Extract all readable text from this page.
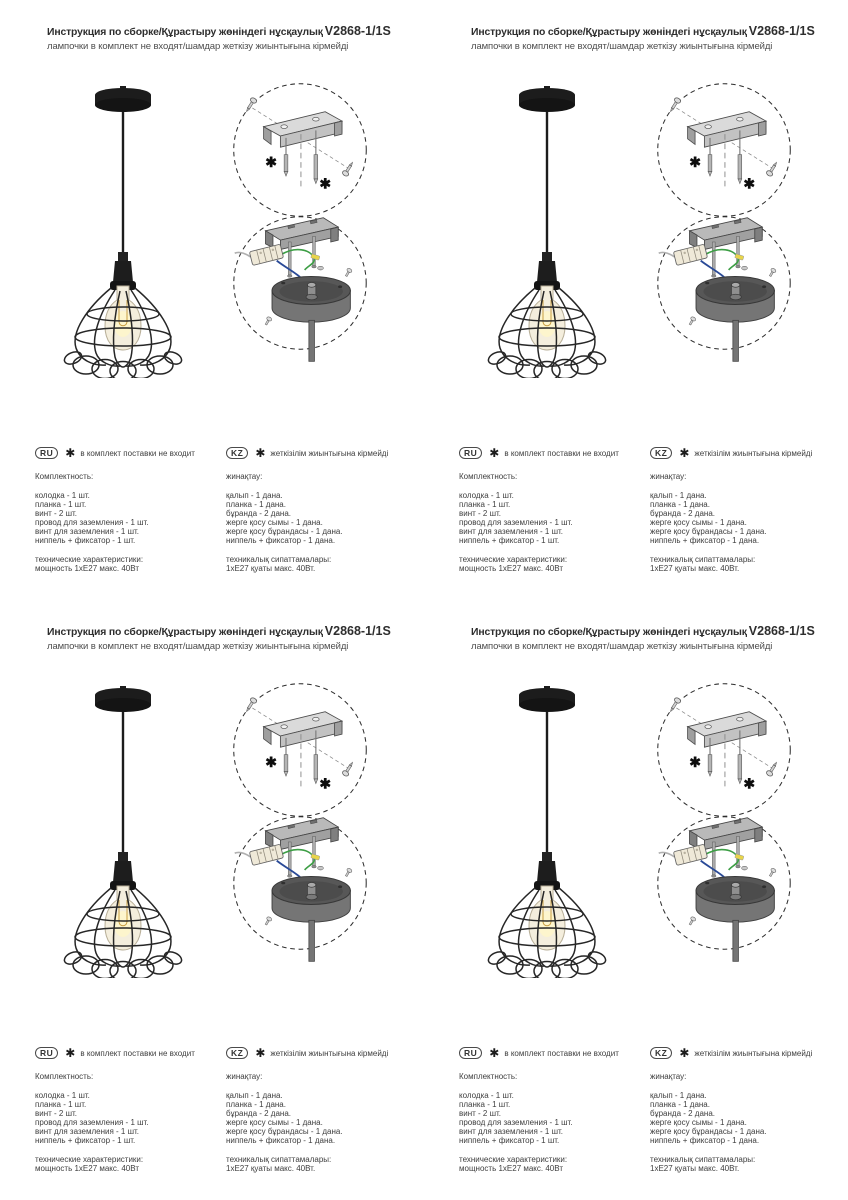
Инструкция по сборке/Құрастыру жөніндегі нұсқаулық V2868-1/1S
лампочки в комплект не входят/шамдар жеткізу жиынтығына кірмейді
✱
✱
RU	✱ в комплект поставки не входит
Комплектность:
колодка - 1 шт.
планка - 1 шт.
винт - 2 шт.
провод для заземления - 1 шт.
винт для заземления - 1 шт.
ниппель + фиксатор - 1 шт.
технические характеристики:
мощность 1хЕ27 макс. 40Вт
KZ	✱ жеткізілім жиынтығына кірмейді
жинақтау:
қалып - 1 дана.
планка - 1 дана.
бұранда - 2 дана.
жерге қосу сымы - 1 дана.
жерге қосу бұрандасы - 1 дана.
ниппель + фиксатор - 1 дана.
техникалық сипаттамалары:
1хЕ27 қуаты макс. 40Вт.
Инструкция по сборке/Құрастыру жөніндегі нұсқаулық V2868-1/1S
лампочки в комплект не входят/шамдар жеткізу жиынтығына кірмейді
✱
✱
RU	✱ в комплект поставки не входит
Комплектность:
колодка - 1 шт.
планка - 1 шт.
винт - 2 шт.
провод для заземления - 1 шт.
винт для заземления - 1 шт.
ниппель + фиксатор - 1 шт.
технические характеристики:
мощность 1хЕ27 макс. 40Вт
KZ	✱ жеткізілім жиынтығына кірмейді
жинақтау:
қалып - 1 дана.
планка - 1 дана.
бұранда - 2 дана.
жерге қосу сымы - 1 дана.
жерге қосу бұрандасы - 1 дана.
ниппель + фиксатор - 1 дана.
техникалық сипаттамалары:
1хЕ27 қуаты макс. 40Вт.
Инструкция по сборке/Құрастыру жөніндегі нұсқаулық V2868-1/1S
лампочки в комплект не входят/шамдар жеткізу жиынтығына кірмейді
✱
✱
RU	✱ в комплект поставки не входит
Комплектность:
колодка - 1 шт.
планка - 1 шт.
винт - 2 шт.
провод для заземления - 1 шт.
винт для заземления - 1 шт.
ниппель + фиксатор - 1 шт.
технические характеристики:
мощность 1хЕ27 макс. 40Вт
KZ	✱ жеткізілім жиынтығына кірмейді
жинақтау:
қалып - 1 дана.
планка - 1 дана.
бұранда - 2 дана.
жерге қосу сымы - 1 дана.
жерге қосу бұрандасы - 1 дана.
ниппель + фиксатор - 1 дана.
техникалық сипаттамалары:
1хЕ27 қуаты макс. 40Вт.
Инструкция по сборке/Құрастыру жөніндегі нұсқаулық V2868-1/1S
лампочки в комплект не входят/шамдар жеткізу жиынтығына кірмейді
✱
✱
RU	✱ в комплект поставки не входит
Комплектность:
колодка - 1 шт.
планка - 1 шт.
винт - 2 шт.
провод для заземления - 1 шт.
винт для заземления - 1 шт.
ниппель + фиксатор - 1 шт.
технические характеристики:
мощность 1хЕ27 макс. 40Вт
KZ	✱ жеткізілім жиынтығына кірмейді
жинақтау:
қалып - 1 дана.
планка - 1 дана.
бұранда - 2 дана.
жерге қосу сымы - 1 дана.
жерге қосу бұрандасы - 1 дана.
ниппель + фиксатор - 1 дана.
техникалық сипаттамалары:
1хЕ27 қуаты макс. 40Вт.
